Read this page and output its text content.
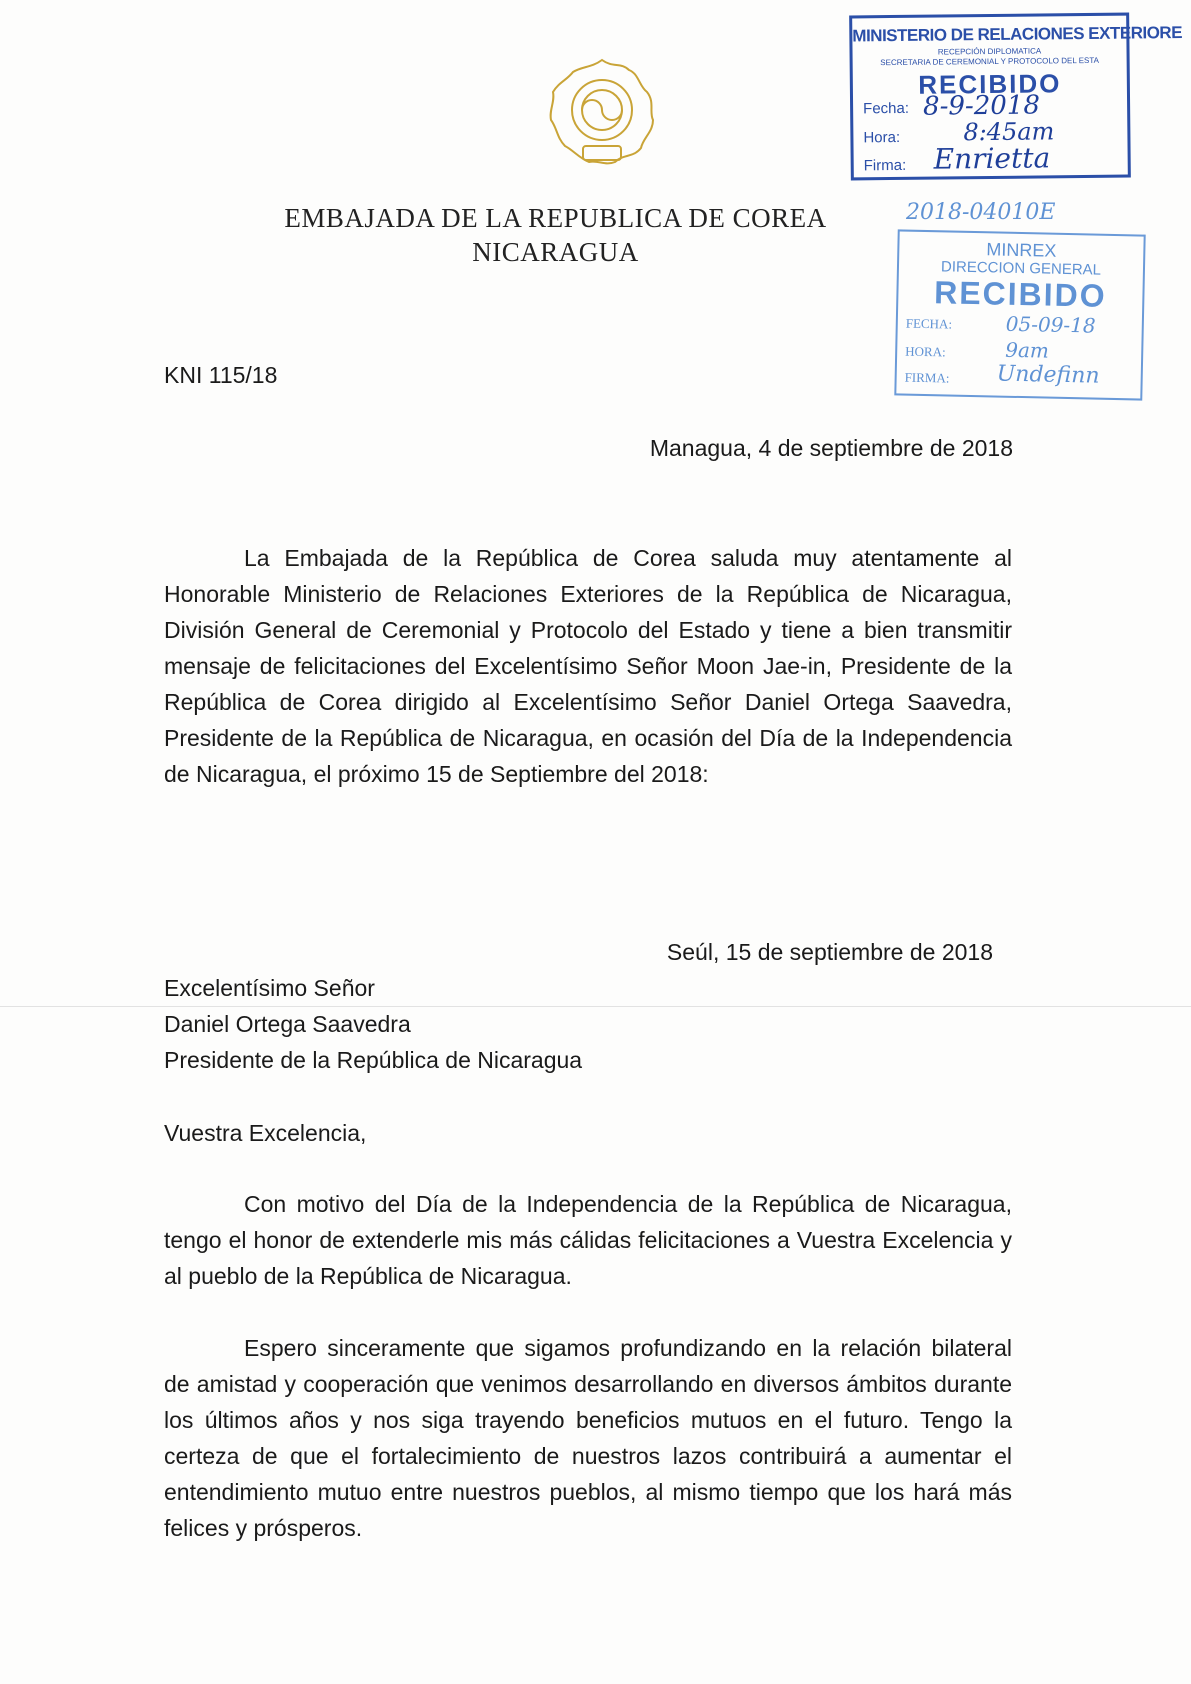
EMBAJADA DE LA REPUBLICA DE COREA
NICARAGUA
MINISTERIO DE RELACIONES EXTERIORE
RECEPCIÓN DIPLOMATICA
SECRETARIA DE CEREMONIAL Y PROTOCOLO DEL ESTA
RECIBIDO
Fecha: 8-9-2018
Hora:	8:45am
Firma: Enrietta
2018-04010E
MINREX
DIRECCION GENERAL
RECIBIDO
FECHA:	05-09-18
HORA:	9am
FIRMA: Undefinn
KNI 115/18
Managua, 4 de septiembre de 2018
La Embajada de la República de Corea saluda muy atentamente al Honorable Ministerio de Relaciones Exteriores de la República de Nicaragua, División General de Ceremonial y Protocolo del Estado y tiene a bien transmitir mensaje de felicitaciones del Excelentísimo Señor Moon Jae-in, Presidente de la República de Corea dirigido al Excelentísimo Señor Daniel Ortega Saavedra, Presidente de la República de Nicaragua, en ocasión del Día de la Independencia de Nicaragua, el próximo 15 de Septiembre del 2018:
Seúl, 15 de septiembre de 2018
Excelentísimo Señor
Daniel Ortega Saavedra
Presidente de la República de Nicaragua
Vuestra Excelencia,
Con motivo del Día de la Independencia de la República de Nicaragua, tengo el honor de extenderle mis más cálidas felicitaciones a Vuestra Excelencia y al pueblo de la República de Nicaragua.
Espero sinceramente que sigamos profundizando en la relación bilateral de amistad y cooperación que venimos desarrollando en diversos ámbitos durante los últimos años y nos siga trayendo beneficios mutuos en el futuro. Tengo la certeza de que el fortalecimiento de nuestros lazos contribuirá a aumentar el entendimiento mutuo entre nuestros pueblos, al mismo tiempo que los hará más felices y prósperos.
